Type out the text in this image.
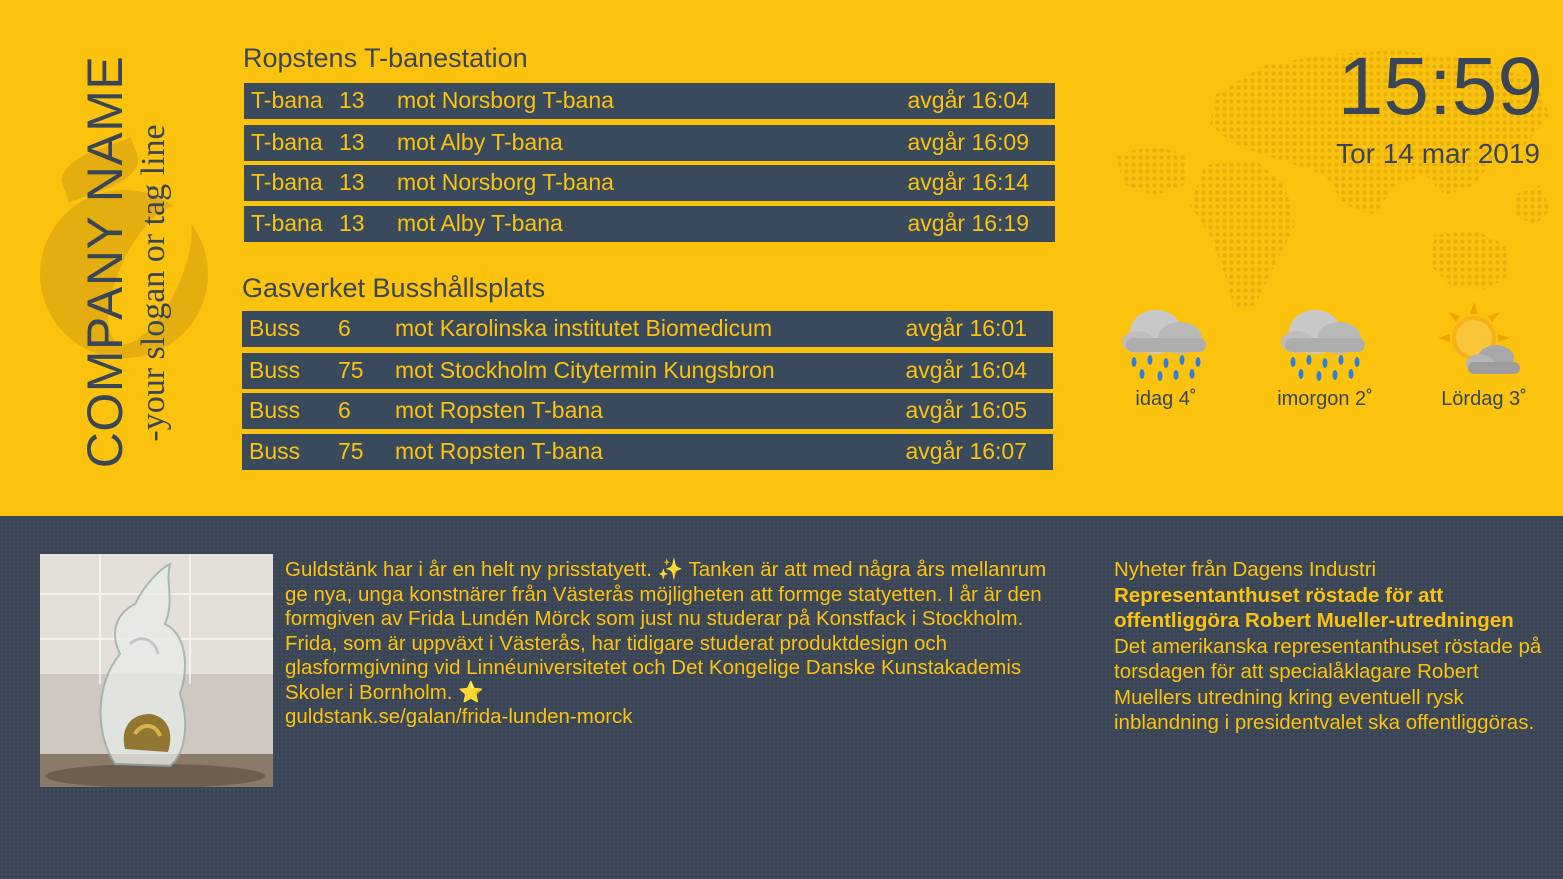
COMPANY NAME -your slogan or tag line
Ropstens T-banestation
T-bana 13 mot Norsborg T-bana	avgår 16:04
T-bana 13 mot Alby T-bana	avgår 16:09
T-bana 13 mot Norsborg T-bana	avgår 16:14
T-bana 13 mot Alby T-bana	avgår 16:19
Gasverket Busshållsplats
Buss 6 mot Karolinska institutet Biomedicum	avgår 16:01
Buss 75 mot Stockholm Citytermin Kungsbron	avgår 16:04
Buss 6 mot Ropsten T-bana	avgår 16:05
Buss 75 mot Ropsten T-bana	avgår 16:07
15:59
Tor 14 mar 2019
idag 4˚	imorgon 2˚	Lördag 3˚
Guldstänk har i år en helt ny prisstatyett. ✨ Tanken är att med några års mellanrum ge nya, unga konstnärer från Västerås möjligheten att formge statyetten. I år är den formgiven av Frida Lundén Mörck som just nu studerar på Konstfack i Stockholm. Frida, som är uppväxt i Västerås, har tidigare studerat produktdesign och glasformgivning vid Linnéuniversitetet och Det Kongelige Danske Kunstakademis Skoler i Bornholm. ⭐
guldstank.se/galan/frida-lunden-morck
Nyheter från Dagens Industri
Representanthuset röstade för att offentliggöra Robert Mueller-utredningen
Det amerikanska representanthuset röstade på torsdagen för att specialåklagare Robert Muellers utredning kring eventuell rysk inblandning i presidentvalet ska offentliggöras.
